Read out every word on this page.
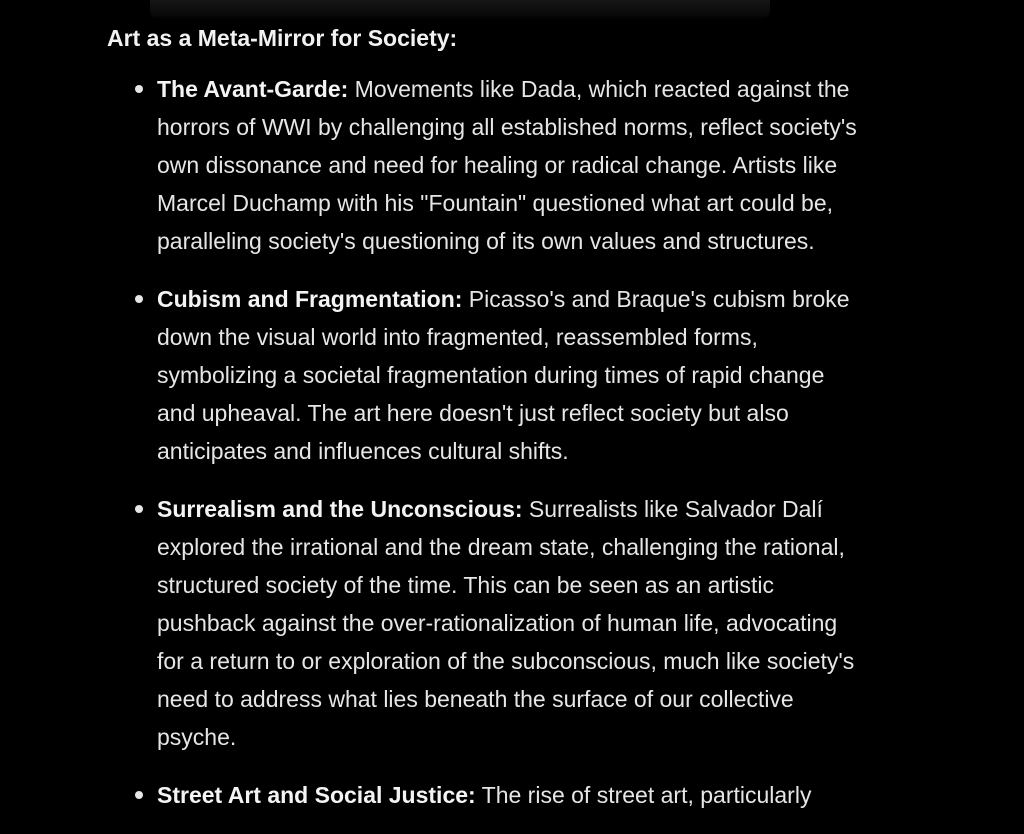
Art as a Meta-Mirror for Society:

The Avant-Garde: Movements like Dada, which reacted against the
horrors of WWI by challenging all established norms, reflect society's
own dissonance and need for healing or radical change. Artists like
Marcel Duchamp with his "Fountain" questioned what art could be,
paralleling society's questioning of its own values and structures.
Cubism and Fragmentation: Picasso's and Braque's cubism broke
down the visual world into fragmented, reassembled forms,
symbolizing a societal fragmentation during times of rapid change
and upheaval. The art here doesn't just reflect society but also
anticipates and influences cultural shifts.
Surrealism and the Unconscious: Surrealists like Salvador Dalí
explored the irrational and the dream state, challenging the rational,
structured society of the time. This can be seen as an artistic
pushback against the over-rationalization of human life, advocating
for a return to or exploration of the subconscious, much like society's
need to address what lies beneath the surface of our collective
psyche.
Street Art and Social Justice: The rise of street art, particularly
